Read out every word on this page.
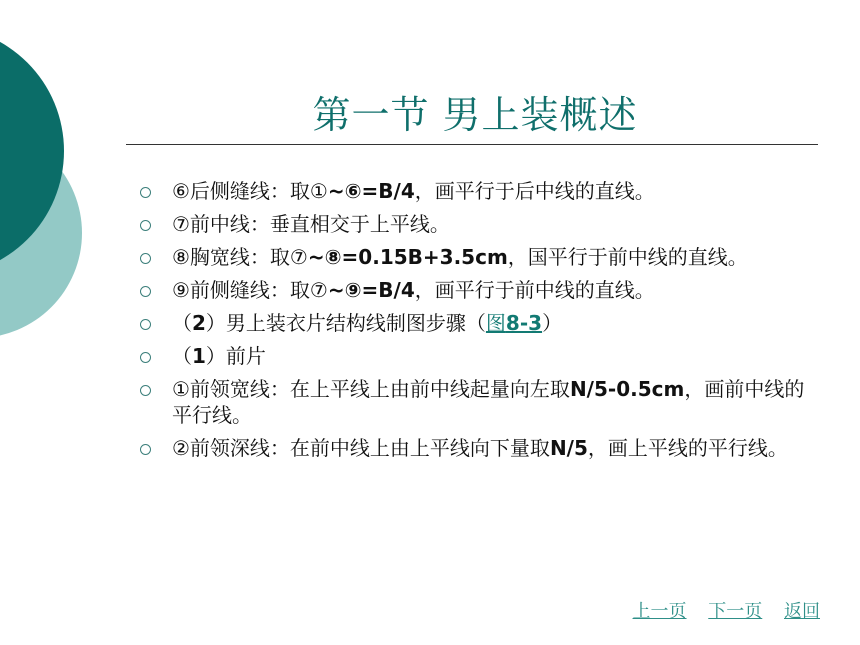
第一节 男上装概述
⑥后侧缝线：取①~⑥=B/4，画平行于后中线的直线。
⑦前中线：垂直相交于上平线。
⑧胸宽线：取⑦~⑧=0.15B+3.5cm，国平行于前中线的直线。
⑨前侧缝线：取⑦~⑨=B/4，画平行于前中线的直线。
（2）男上装衣片结构线制图步骤（图8-3）
（1）前片
①前领宽线：在上平线上由前中线起量向左取N/5-0.5cm，画前中线的平行线。
②前领深线：在前中线上由上平线向下量取N/5，画上平线的平行线。
上一页 下一页 返回
